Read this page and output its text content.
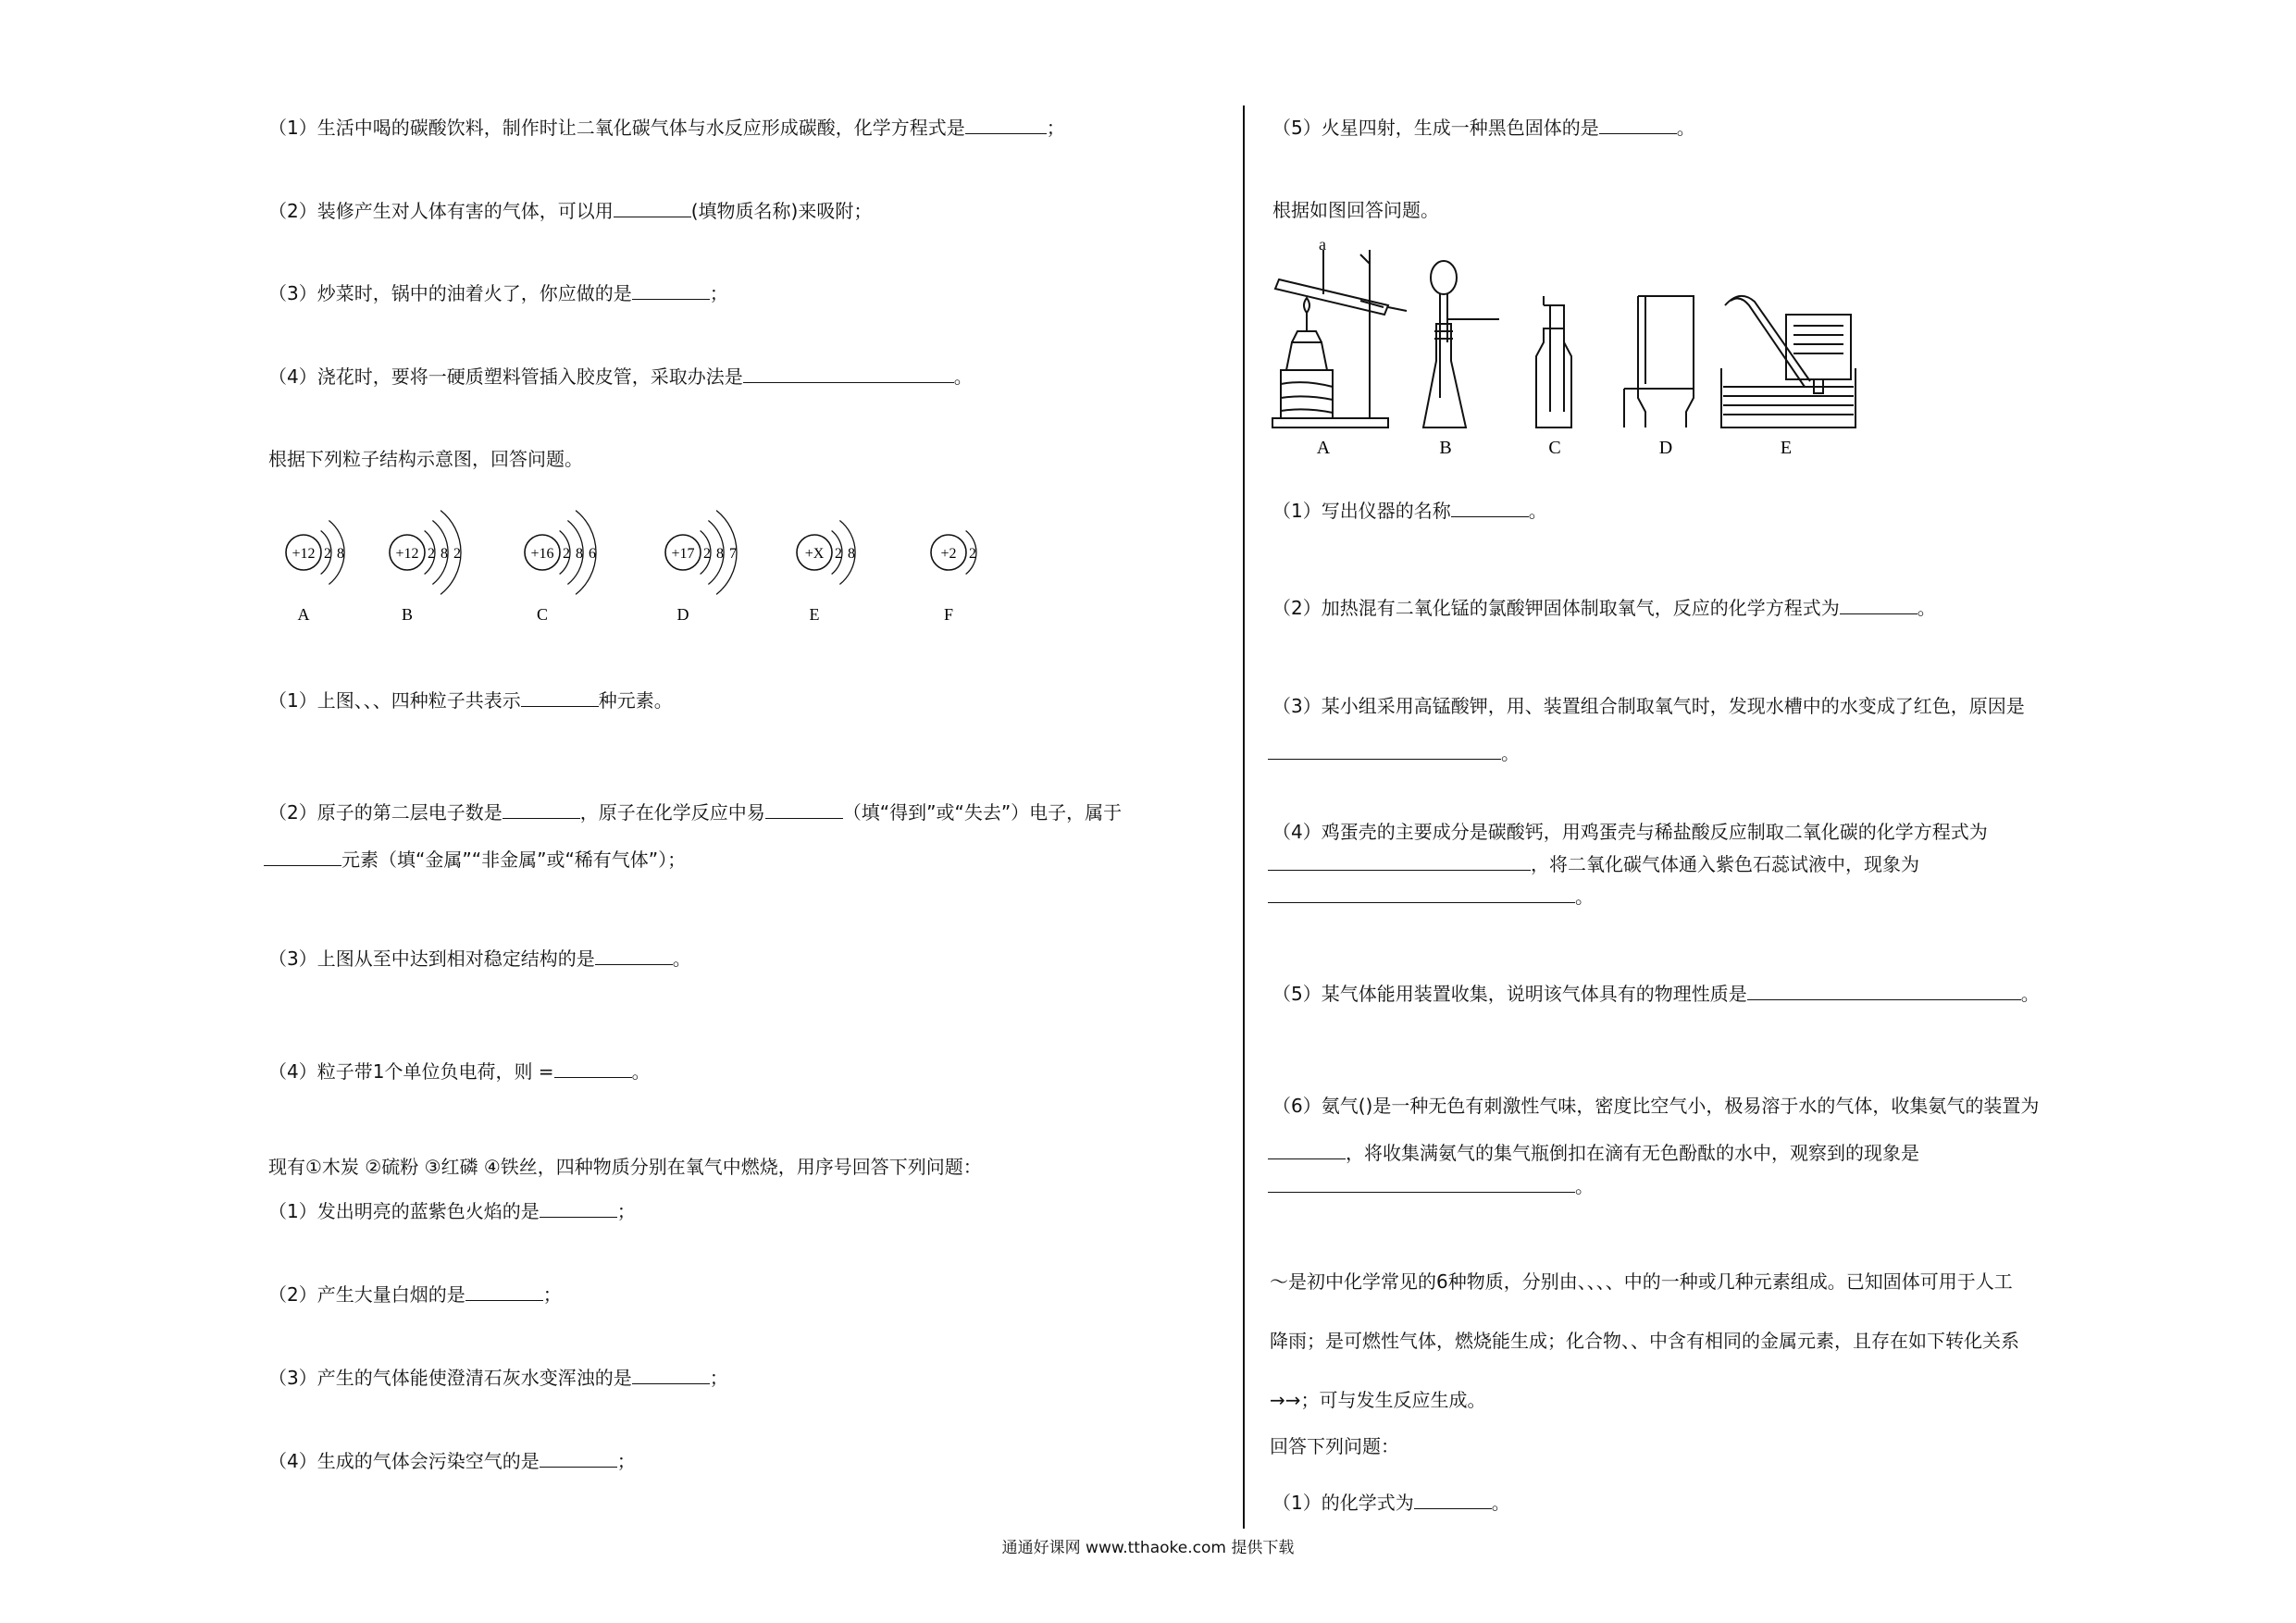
（1）生活中喝的碳酸饮料，制作时让二氧化碳气体与水反应形成碳酸，化学方程式是	；
（2）装修产生对人体有害的气体，可以用	(填物质名称)来吸附；
（3）炒菜时，锅中的油着火了，你应做的是	；
（4）浇花时，要将一硬质塑料管插入胶皮管，采取办法是	。
根据下列粒子结构示意图，回答问题。
+12 2 8
A
+12 2 8 2
B
+16 2 8 6
C
+17 2 8 7
D
+X 2 8
E
+2 2
F
（1）上图、、、四种粒子共表示	种元素。
（2）原子的第二层电子数是	，原子在化学反应中易	（填“得到”或“失去”）电子，属于
元素（填“金属”“非金属”或“稀有气体”）；
（3）上图从至中达到相对稳定结构的是	。
（4）粒子带1个单位负电荷，则 =	。
现有①木炭 ②硫粉 ③红磷 ④铁丝，四种物质分别在氧气中燃烧，用序号回答下列问题：
（1）发出明亮的蓝紫色火焰的是	；
（2）产生大量白烟的是	；
（3）产生的气体能使澄清石灰水变浑浊的是	；
（4）生成的气体会污染空气的是	；
（5）火星四射，生成一种黑色固体的是	。
根据如图回答问题。
A	B	C	D	E
a
（1）写出仪器的名称	。
（2）加热混有二氧化锰的氯酸钾固体制取氧气，反应的化学方程式为	。
（3）某小组采用高锰酸钾，用、装置组合制取氧气时，发现水槽中的水变成了红色，原因是
。
（4）鸡蛋壳的主要成分是碳酸钙，用鸡蛋壳与稀盐酸反应制取二氧化碳的化学方程式为
，将二氧化碳气体通入紫色石蕊试液中，现象为
。
（5）某气体能用装置收集，说明该气体具有的物理性质是	。
（6）氨气()是一种无色有刺激性气味，密度比空气小，极易溶于水的气体，收集氨气的装置为
，将收集满氨气的集气瓶倒扣在滴有无色酚酞的水中，观察到的现象是
。
～是初中化学常见的6种物质，分别由、、、、中的一种或几种元素组成。已知固体可用于人工
降雨；是可燃性气体，燃烧能生成；化合物、、中含有相同的金属元素，且存在如下转化关系
→→；可与发生反应生成。
回答下列问题：
（1）的化学式为	。
通通好课网 www.tthaoke.com 提供下载
